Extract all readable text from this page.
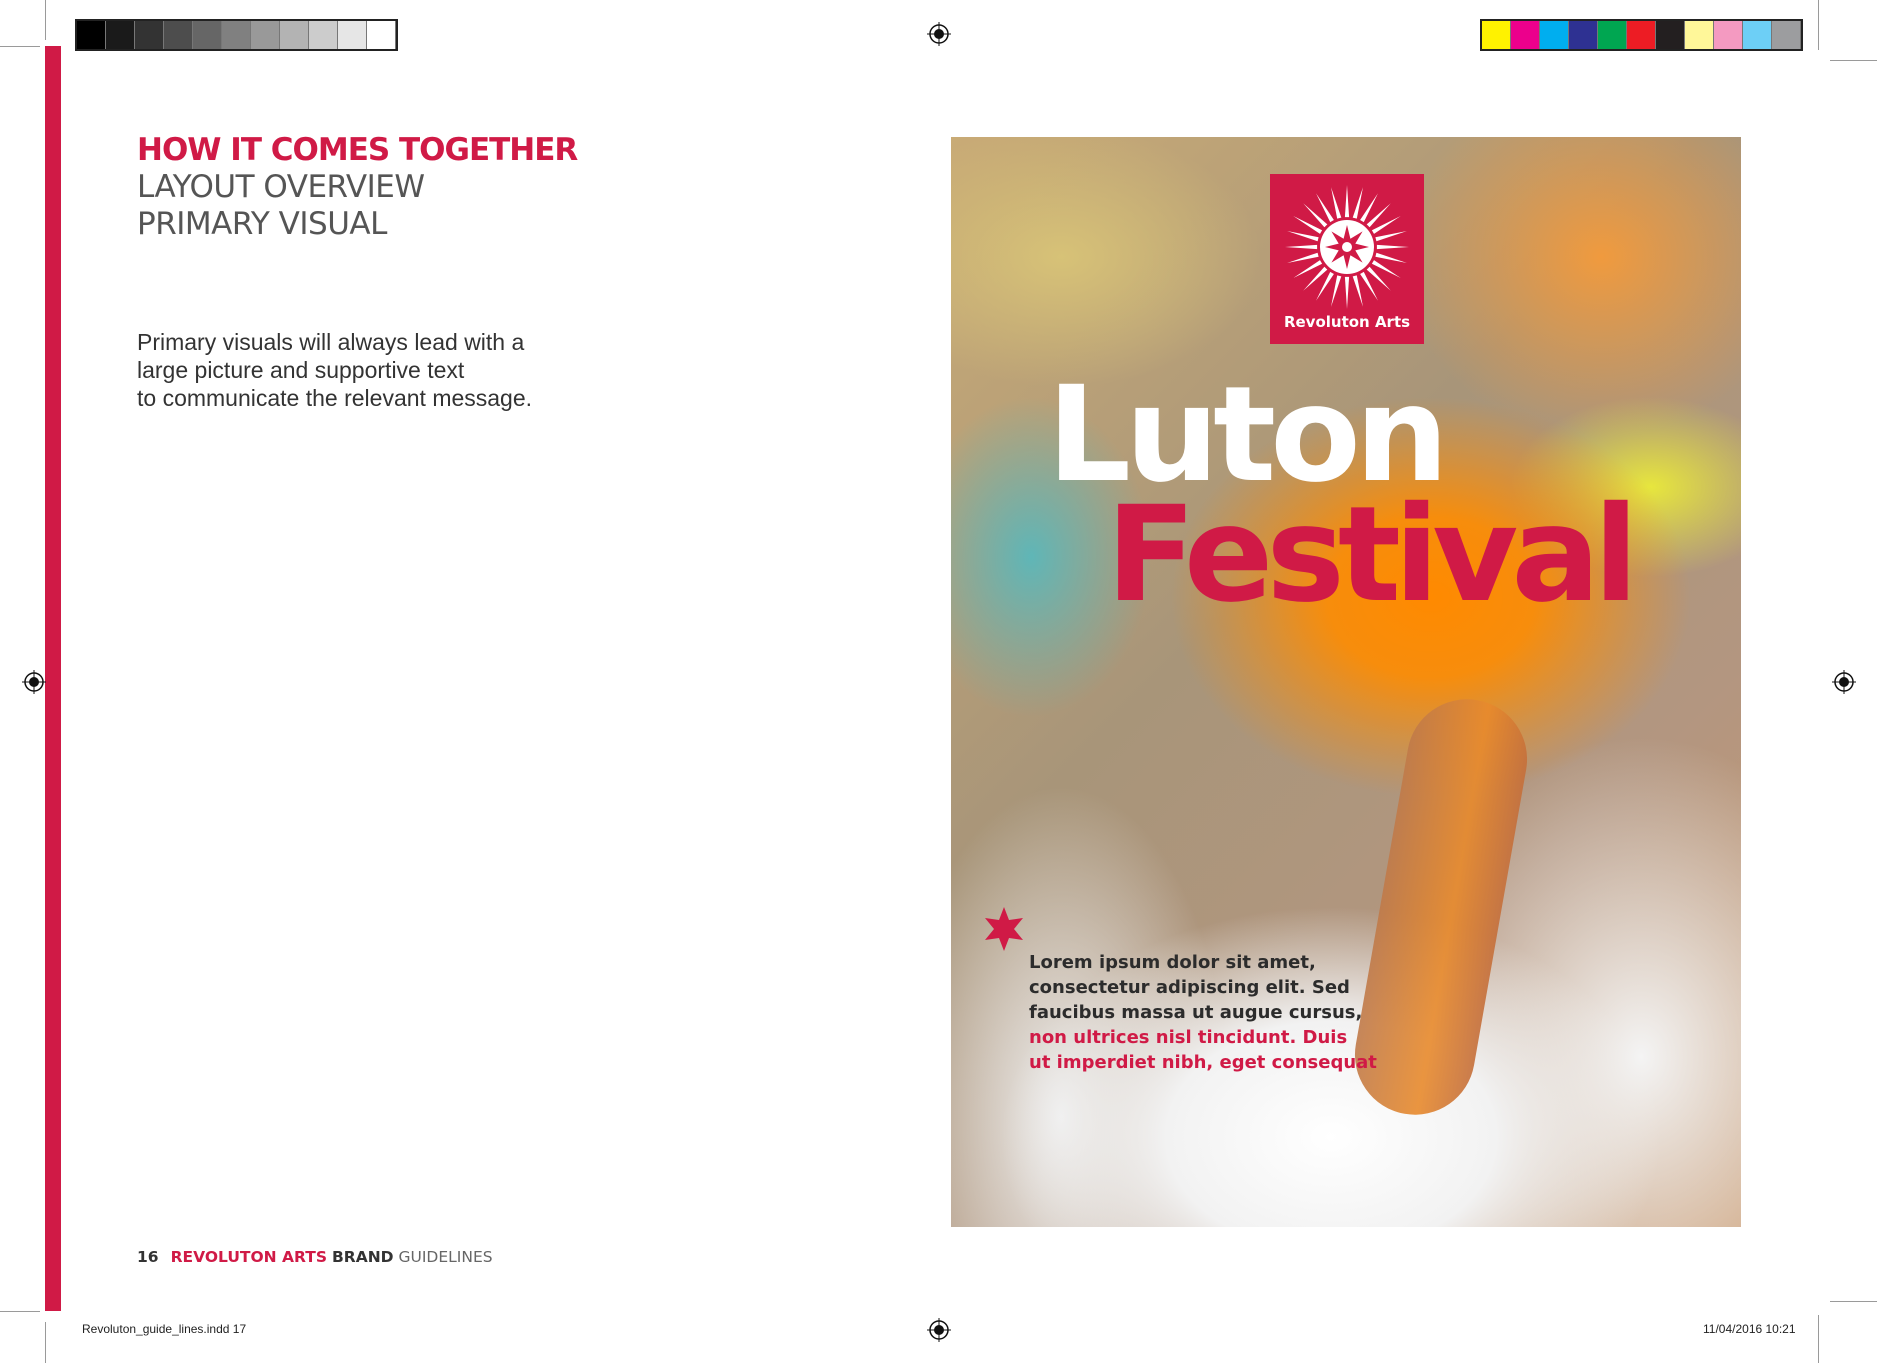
HOW IT COMES TOGETHER
LAYOUT OVERVIEW
PRIMARY VISUAL
Primary visuals will always lead with a
large picture and supportive text
to communicate the relevant message.
16 REVOLUTON ARTS BRAND GUIDELINES
Revoluton Arts
Luton
Festival
Lorem ipsum dolor sit amet,
consectetur adipiscing elit. Sed
faucibus massa ut augue cursus,
non ultrices nisl tincidunt. Duis
ut imperdiet nibh, eget consequat
Revoluton_guide_lines.indd 17	11/04/2016 10:21
